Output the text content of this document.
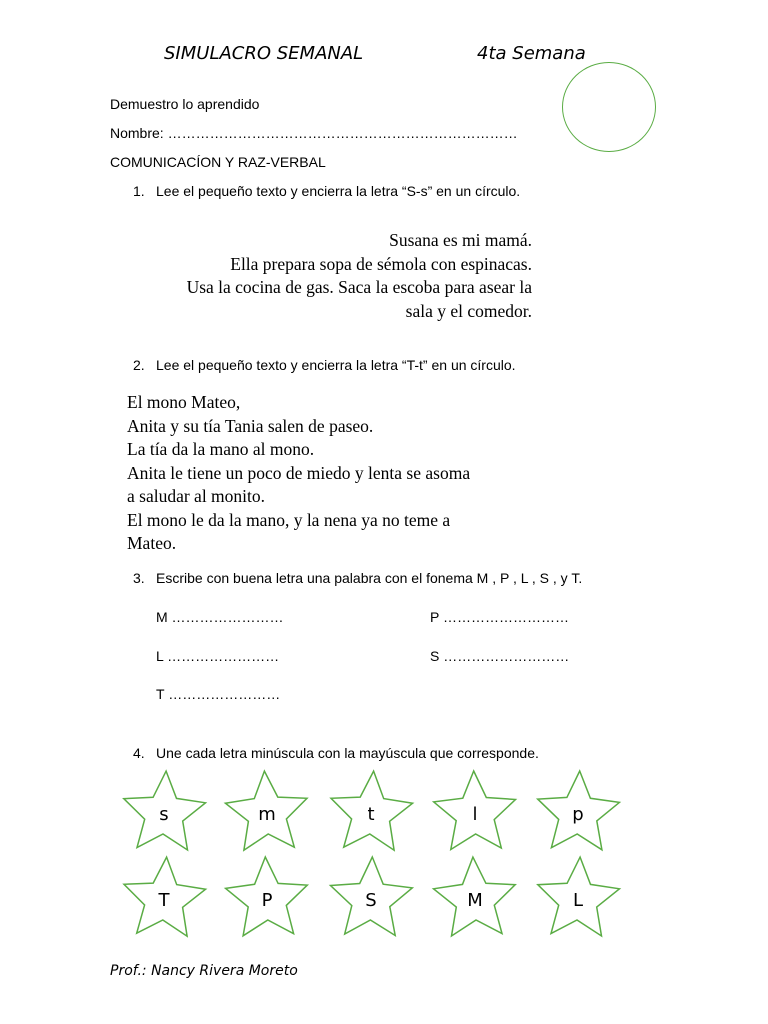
SIMULACRO SEMANAL	4ta Semana
Demuestro lo aprendido
Nombre: …………………………………………………………………
COMUNICACÍON Y RAZ-VERBAL
1. Lee el pequeño texto y encierra la letra “S-s” en un círculo.
Susana es mi mamá.
Ella prepara sopa de sémola con espinacas.
Usa la cocina de gas. Saca la escoba para asear la
sala y el comedor.
2. Lee el pequeño texto y encierra la letra “T-t” en un círculo.
El mono Mateo,
Anita y su tía Tania salen de paseo.
La tía da la mano al mono.
Anita le tiene un poco de miedo y lenta se asoma
a saludar al monito.
El mono le da la mano, y la nena ya no teme a
Mateo.
3. Escribe con buena letra una palabra con el fonema M , P , L , S , y T.
M ……………………	P ………………………
L ……………………	S ………………………
T ……………………
4. Une cada letra minúscula con la mayúscula que corresponde.
s	m	t	l	p
T	P	S	M	L
Prof.: Nancy Rivera Moreto
